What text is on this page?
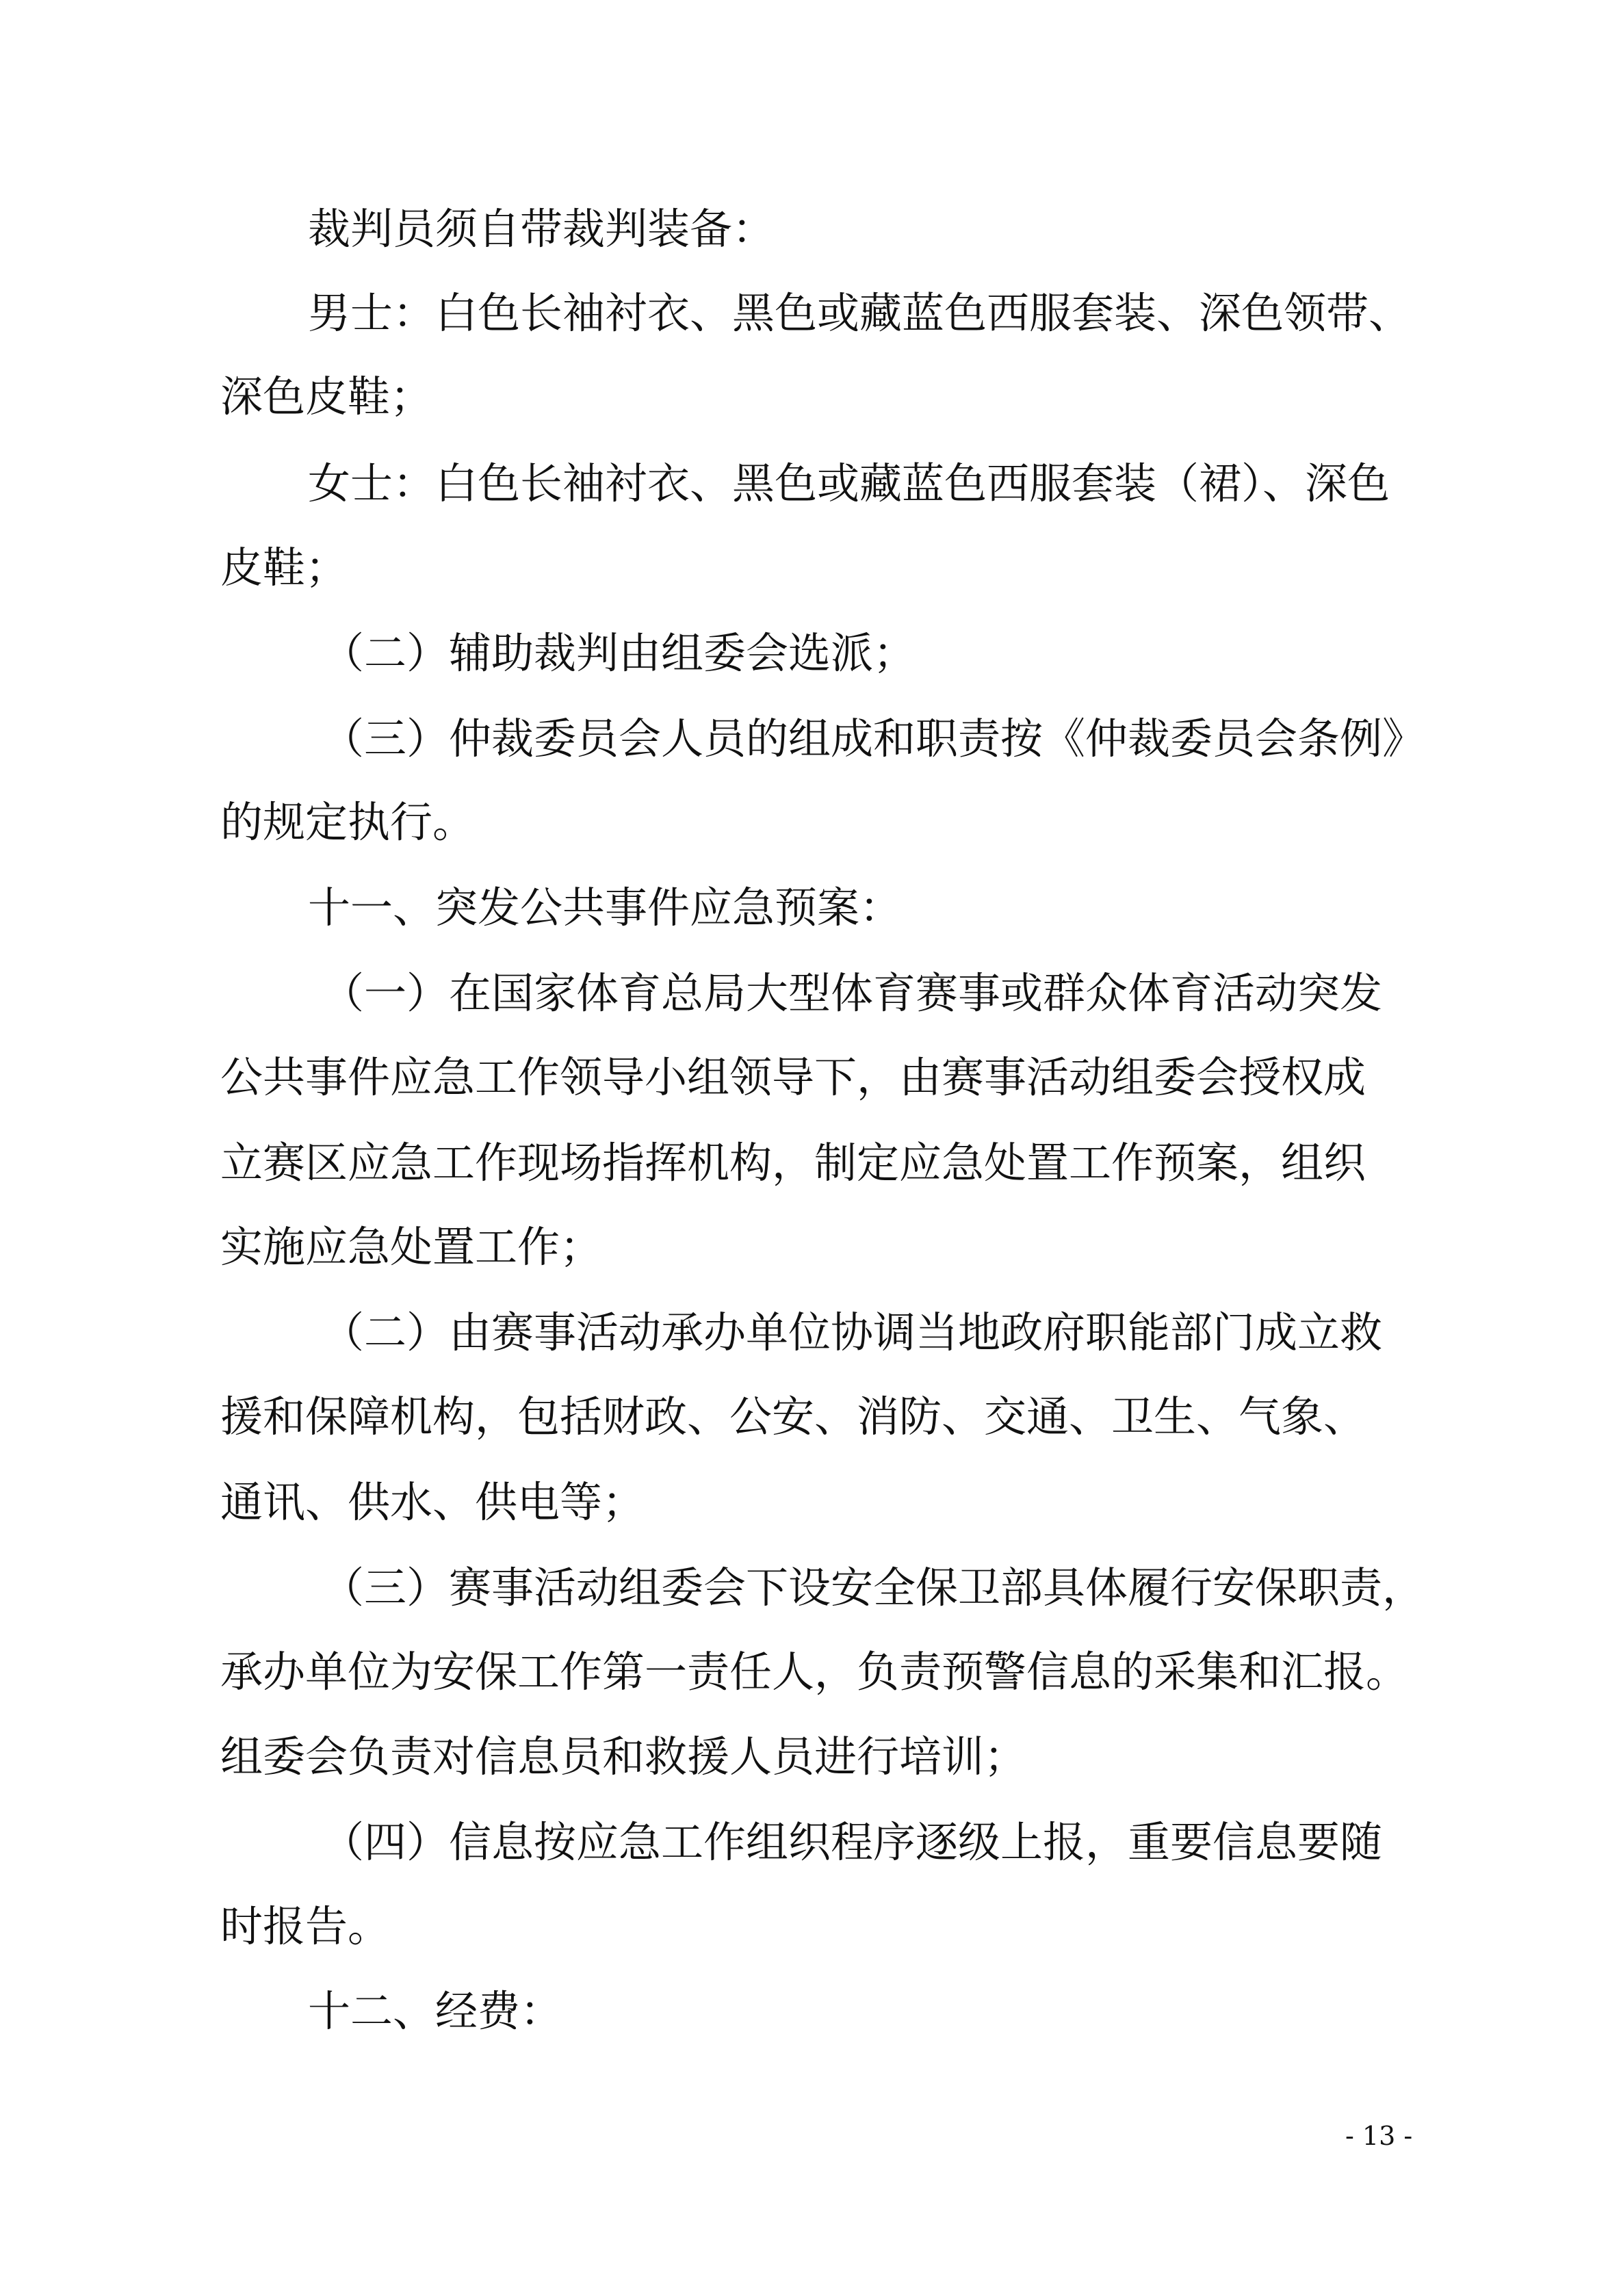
裁判员须自带裁判装备：
男士：白色长袖衬衣、黑色或藏蓝色西服套装、深色领带、
深色皮鞋；
女士：白色长袖衬衣、黑色或藏蓝色西服套装（裙）、深色
皮鞋；
（二）辅助裁判由组委会选派；
（三）仲裁委员会人员的组成和职责按《仲裁委员会条例》
的规定执行。
十一、突发公共事件应急预案：
（一）在国家体育总局大型体育赛事或群众体育活动突发
公共事件应急工作领导小组领导下，由赛事活动组委会授权成
立赛区应急工作现场指挥机构，制定应急处置工作预案，组织
实施应急处置工作；
（二）由赛事活动承办单位协调当地政府职能部门成立救
援和保障机构，包括财政、公安、消防、交通、卫生、气象、
通讯、供水、供电等；
（三）赛事活动组委会下设安全保卫部具体履行安保职责，
承办单位为安保工作第一责任人，负责预警信息的采集和汇报。
组委会负责对信息员和救援人员进行培训；
（四）信息按应急工作组织程序逐级上报，重要信息要随
时报告。
十二、经费：
- 13 -
